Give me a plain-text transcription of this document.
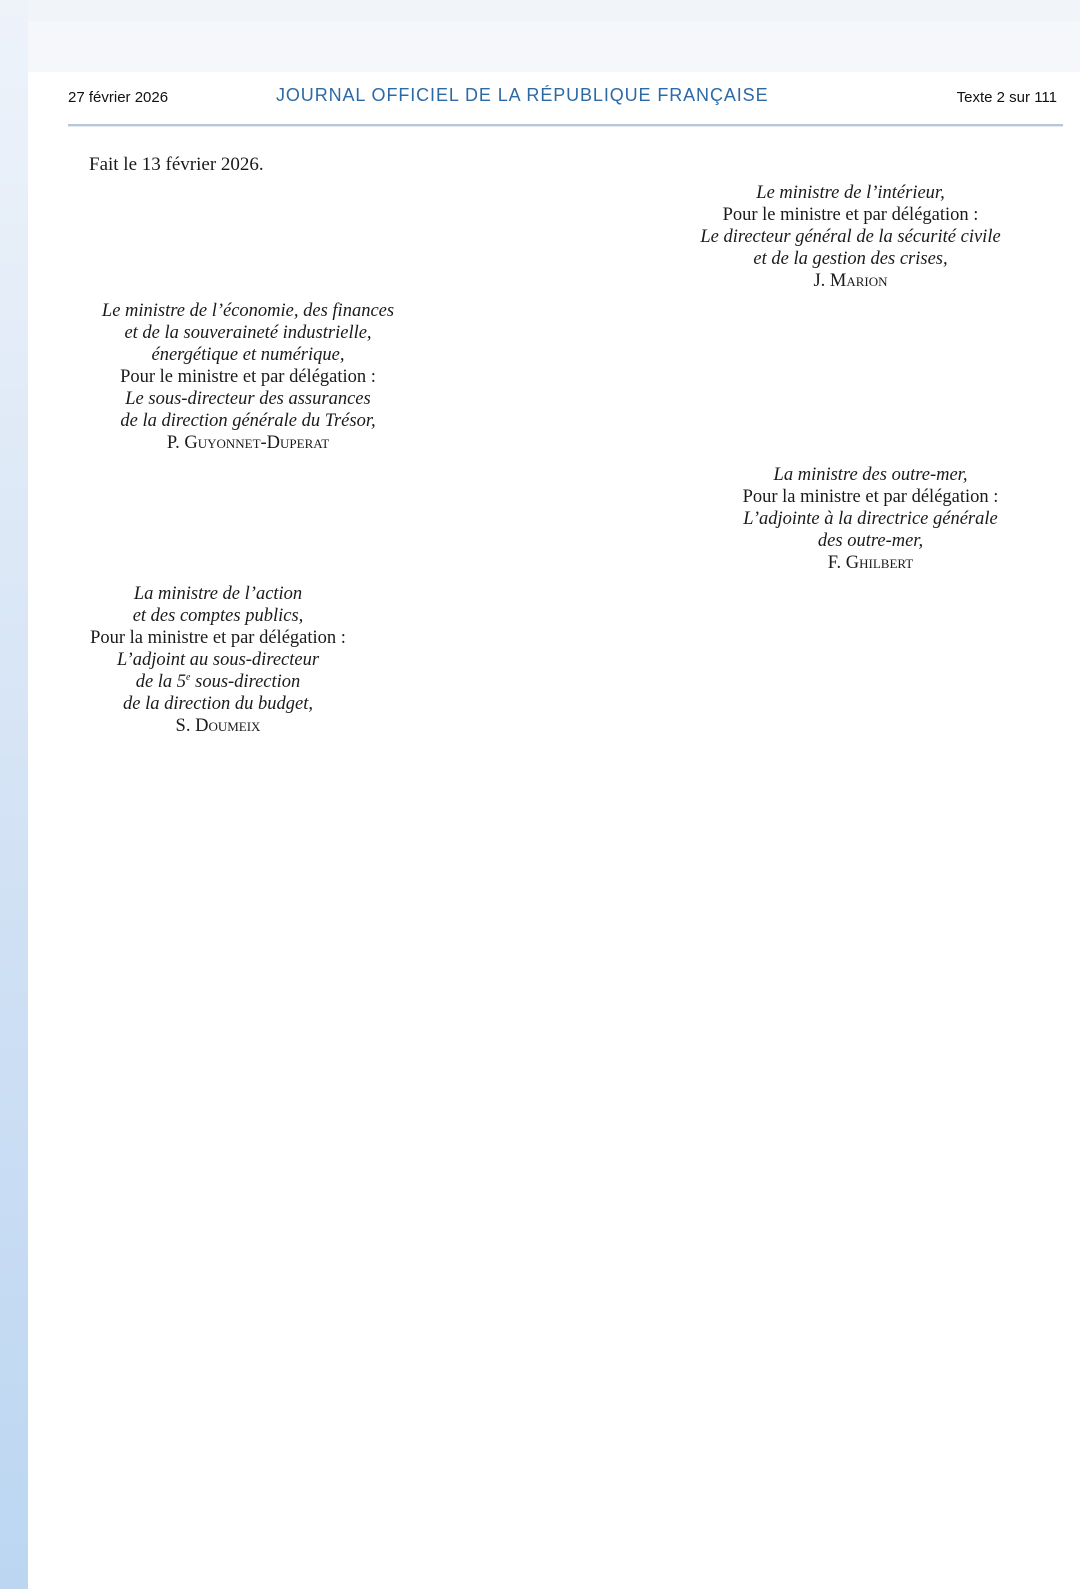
27 février 2026	JOURNAL OFFICIEL DE LA RÉPUBLIQUE FRANÇAISE	Texte 2 sur 111
Fait le 13 février 2026.
Le ministre de l’intérieur,
Pour le ministre et par délégation :
Le directeur général de la sécurité civile
et de la gestion des crises,
J. Marion
Le ministre de l’économie, des finances
et de la souveraineté industrielle,
énergétique et numérique,
Pour le ministre et par délégation :
Le sous-directeur des assurances
de la direction générale du Trésor,
P. Guyonnet-Duperat
La ministre des outre-mer,
Pour la ministre et par délégation :
L’adjointe à la directrice générale
des outre-mer,
F. Ghilbert
La ministre de l’action
et des comptes publics,
Pour la ministre et par délégation :
L’adjoint au sous-directeur
de la 5e sous-direction
de la direction du budget,
S. Doumeix
